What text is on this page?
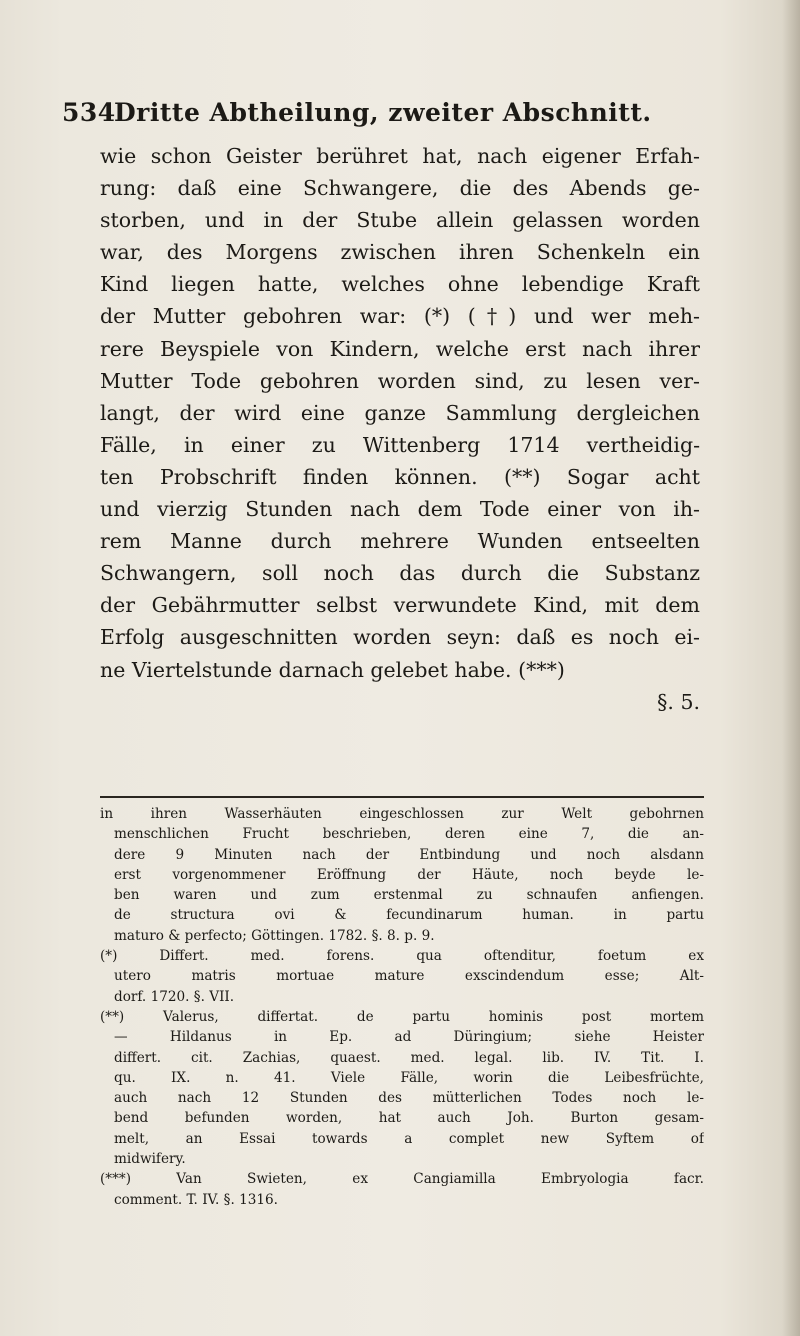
534Dritte Abtheilung, zweiter Abschnitt.
wie schon Geister berühret hat, nach eigener Erfah-
rung: daß eine Schwangere, die des Abends ge-
storben, und in der Stube allein gelassen worden
war, des Morgens zwischen ihren Schenkeln ein
Kind liegen hatte, welches ohne lebendige Kraft
der Mutter gebohren war: (*) (†) und wer meh-
rere Beyspiele von Kindern, welche erst nach ihrer
Mutter Tode gebohren worden sind, zu lesen ver-
langt, der wird eine ganze Sammlung dergleichen
Fälle, in einer zu Wittenberg 1714 vertheidig-
ten Probschrift finden können. (**) Sogar acht
und vierzig Stunden nach dem Tode einer von ih-
rem Manne durch mehrere Wunden entseelten
Schwangern, soll noch das durch die Substanz
der Gebährmutter selbst verwundete Kind, mit dem
Erfolg ausgeschnitten worden seyn: daß es noch ei-
ne Viertelstunde darnach gelebet habe. (***)
§. 5.
in ihren Wasserhäuten eingeschlossen zur Welt gebohrnen
menschlichen Frucht beschrieben, deren eine 7, die an-
dere 9 Minuten nach der Entbindung und noch alsdann
erst vorgenommener Eröffnung der Häute, noch beyde le-
ben waren und zum erstenmal zu schnaufen anfiengen.
de structura ovi & fecundinarum human. in partu
maturo & perfecto; Göttingen. 1782. §. 8. p. 9.
(*) Differt. med. forens. qua oftenditur, foetum ex
utero matris mortuae mature exscindendum esse; Alt-
dorf. 1720. §. VII.
(**) Valerus, differtat. de partu hominis post mortem
— Hildanus in Ep. ad Düringium; siehe Heister
differt. cit. Zachias, quaest. med. legal. lib. IV. Tit. I.
qu. IX. n. 41. Viele Fälle, worin die Leibesfrüchte,
auch nach 12 Stunden des mütterlichen Todes noch le-
bend befunden worden, hat auch Joh. Burton gesam-
melt, an Essai towards a complet new Syftem of
midwifery.
(***) Van Swieten, ex Cangiamilla Embryologia facr.
comment. T. IV. §. 1316.
